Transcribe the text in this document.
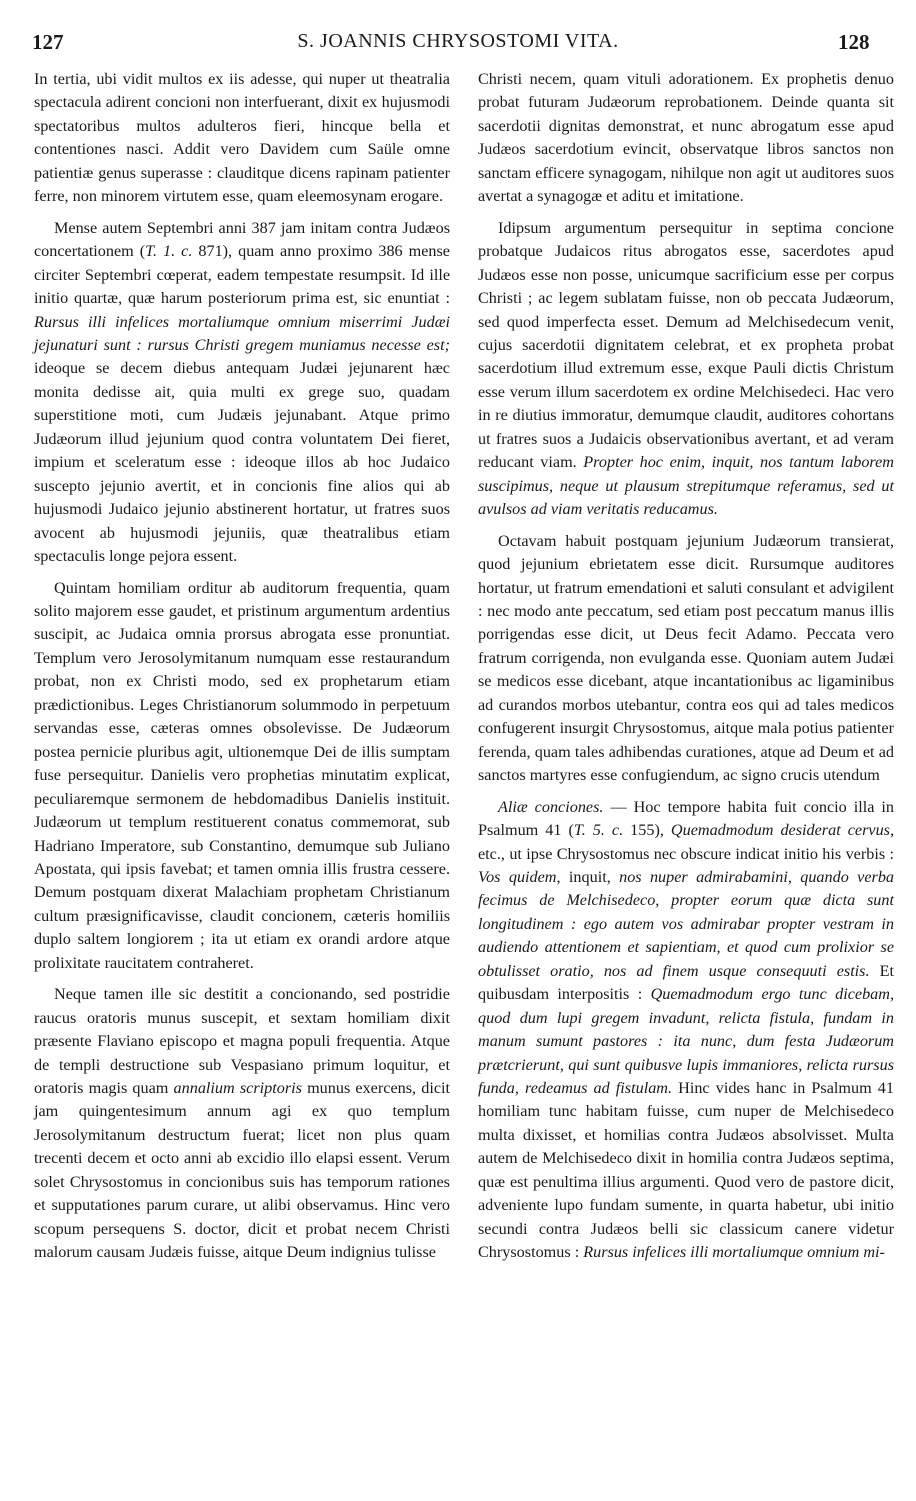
127	S. JOANNIS CHRYSOSTOMI VITA.	128

In tertia, ubi vidit multos ex iis adesse, qui nuper ut theatralia spectacula adirent concioni non interfuerant, dixit ex hujusmodi spectatoribus multos adulteros fieri, hincque bella et contentiones nasci. Addit vero Davidem cum Saüle omne patientiæ genus superasse : clauditque dicens rapinam patienter ferre, non minorem virtutem esse, quam eleemosynam erogare.

Mense autem Septembri anni 387 jam initam contra Judæos concertationem (T. 1. c. 871), quam anno proximo 386 mense circiter Septembri cœperat, eadem tempestate resumpsit. Id ille initio quartæ, quæ harum posteriorum prima est, sic enuntiat : Rursus illi infelices mortaliumque omnium miserrimi Judæi jejunaturi sunt : rursus Christi gregem muniamus necesse est; ideoque se decem diebus antequam Judæi jejunarent hæc monita dedisse ait, quia multi ex grege suo, quadam superstitione moti, cum Judæis jejunabant. Atque primo Judæorum illud jejunium quod contra voluntatem Dei fieret, impium et sceleratum esse : ideoque illos ab hoc Judaico suscepto jejunio avertit, et in concionis fine alios qui ab hujusmodi Judaico jejunio abstinerent hortatur, ut fratres suos avocent ab hujusmodi jejuniis, quæ theatralibus etiam spectaculis longe pejora essent.

Quintam homiliam orditur ab auditorum frequentia, quam solito majorem esse gaudet, et pristinum argumentum ardentius suscipit, ac Judaica omnia prorsus abrogata esse pronuntiat. Templum vero Jerosolymitanum numquam esse restaurandum probat, non ex Christi modo, sed ex prophetarum etiam prædictionibus. Leges Christianorum solummodo in perpetuum servandas esse, cæteras omnes obsolevisse. De Judæorum postea pernicie pluribus agit, ultionemque Dei de illis sumptam fuse persequitur. Danielis vero prophetias minutatim explicat, peculiaremque sermonem de hebdomadibus Danielis instituit. Judæorum ut templum restituerent conatus commemorat, sub Hadriano Imperatore, sub Constantino, demumque sub Juliano Apostata, qui ipsis favebat; et tamen omnia illis frustra cessere. Demum postquam dixerat Malachiam prophetam Christianum cultum præsignificavisse, claudit concionem, cæteris homiliis duplo saltem longiorem ; ita ut etiam ex orandi ardore atque prolixitate raucitatem contraheret.

Neque tamen ille sic destitit a concionando, sed postridie raucus oratoris munus suscepit, et sextam homiliam dixit præsente Flaviano episcopo et magna populi frequentia. Atque de templi destructione sub Vespasiano primum loquitur, et oratoris magis quam annalium scriptoris munus exercens, dicit jam quingentesimum annum agi ex quo templum Jerosolymitanum destructum fuerat; licet non plus quam trecenti decem et octo anni ab excidio illo elapsi essent. Verum solet Chrysostomus in concionibus suis has temporum rationes et supputationes parum curare, ut alibi observamus. Hinc vero scopum persequens S. doctor, dicit et probat necem Christi malorum causam Judæis fuisse, aitque Deum indignius tulisse

Christi necem, quam vituli adorationem. Ex prophetis denuo probat futuram Judæorum reprobationem. Deinde quanta sit sacerdotii dignitas demonstrat, et nunc abrogatum esse apud Judæos sacerdotium evincit, observatque libros sanctos non sanctam efficere synagogam, nihilque non agit ut auditores suos avertat a synagogæ et aditu et imitatione.

Idipsum argumentum persequitur in septima concione probatque Judaicos ritus abrogatos esse, sacerdotes apud Judæos esse non posse, unicumque sacrificium esse per corpus Christi ; ac legem sublatam fuisse, non ob peccata Judæorum, sed quod imperfecta esset. Demum ad Melchisedecum venit, cujus sacerdotii dignitatem celebrat, et ex propheta probat sacerdotium illud extremum esse, exque Pauli dictis Christum esse verum illum sacerdotem ex ordine Melchisedeci. Hac vero in re diutius immoratur, demumque claudit, auditores cohortans ut fratres suos a Judaicis observationibus avertant, et ad veram reducant viam. Propter hoc enim, inquit, nos tantum laborem suscipimus, neque ut plausum strepitumque referamus, sed ut avulsos ad viam veritatis reducamus.

Octavam habuit postquam jejunium Judæorum transierat, quod jejunium ebrietatem esse dicit. Rursumque auditores hortatur, ut fratrum emendationi et saluti consulant et advigilent : nec modo ante peccatum, sed etiam post peccatum manus illis porrigendas esse dicit, ut Deus fecit Adamo. Peccata vero fratrum corrigenda, non evulganda esse. Quoniam autem Judæi se medicos esse dicebant, atque incantationibus ac ligaminibus ad curandos morbos utebantur, contra eos qui ad tales medicos confugerent insurgit Chrysostomus, aitque mala potius patienter ferenda, quam tales adhibendas curationes, atque ad Deum et ad sanctos martyres esse confugiendum, ac signo crucis utendum

Aliæ conciones. — Hoc tempore habita fuit concio illa in Psalmum 41 (T. 5. c. 155), Quemadmodum desiderat cervus, etc., ut ipse Chrysostomus nec obscure indicat initio his verbis : Vos quidem, inquit, nos nuper admirabamini, quando verba fecimus de Melchisedeco, propter eorum quæ dicta sunt longitudinem : ego autem vos admirabar propter vestram in audiendo attentionem et sapientiam, et quod cum prolixior se obtulisset oratio, nos ad finem usque consequuti estis. Et quibusdam interpositis : Quemadmodum ergo tunc dicebam, quod dum lupi gregem invadunt, relicta fistula, fundam in manum sumunt pastores : ita nunc, dum festa Judæorum prætcrierunt, qui sunt quibusve lupis immaniores, relicta rursus funda, redeamus ad fistulam. Hinc vides hanc in Psalmum 41 homiliam tunc habitam fuisse, cum nuper de Melchisedeco multa dixisset, et homilias contra Judæos absolvisset. Multa autem de Melchisedeco dixit in homilia contra Judæos septima, quæ est penultima illius argumenti. Quod vero de pastore dicit, adveniente lupo fundam sumente, in quarta habetur, ubi initio secundi contra Judæos belli sic classicum canere videtur Chrysostomus : Rursus infelices illi mortaliumque omnium mi-
